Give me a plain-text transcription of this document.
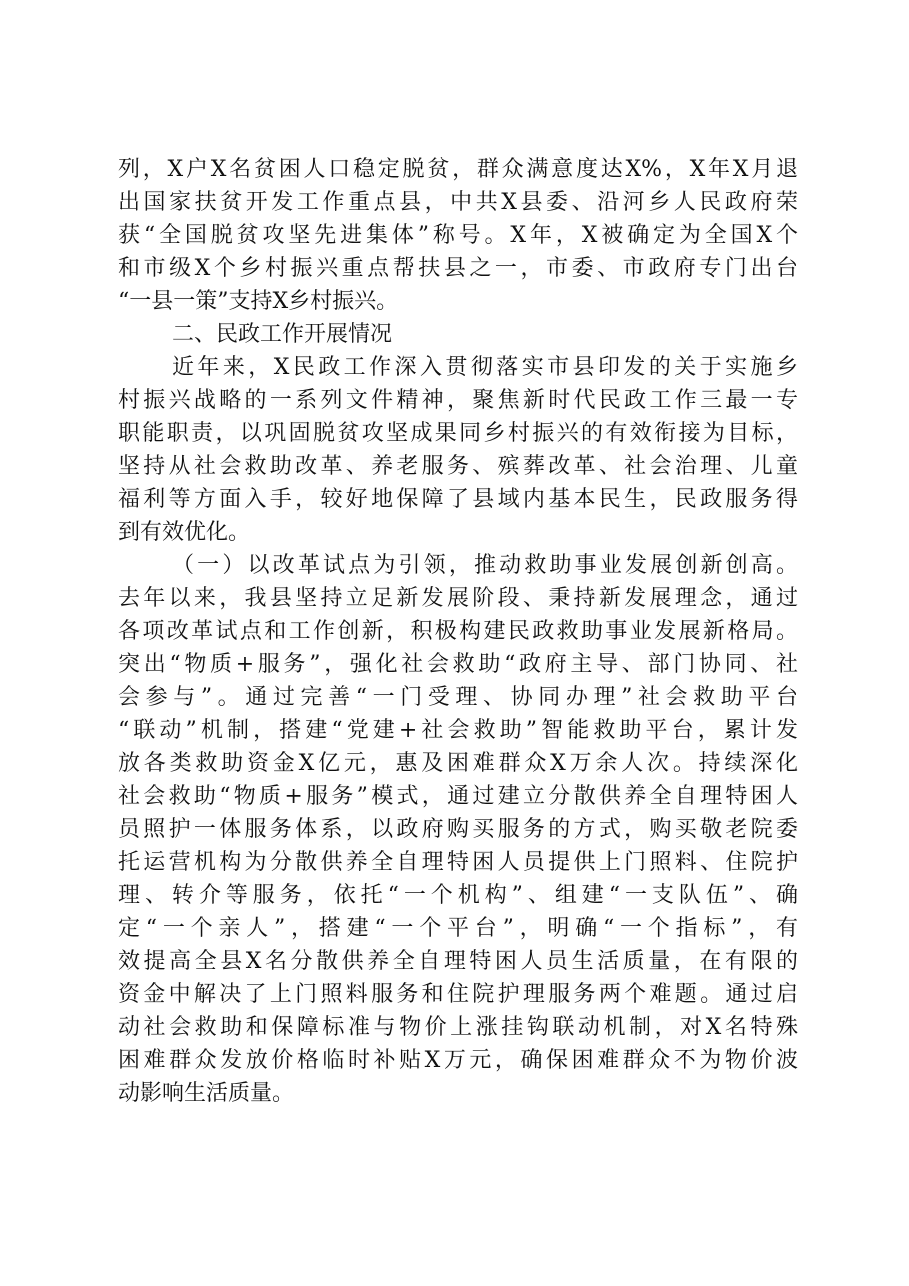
列，X户X名贫困人口稳定脱贫，群众满意度达X%，X年X月退

出国家扶贫开发工作重点县，中共X县委、沿河乡人民政府荣

获“全国脱贫攻坚先进集体”称号。X年，X被确定为全国X个

和市级X个乡村振兴重点帮扶县之一，市委、市政府专门出台

“一县一策”支持X乡村振兴。

二、民政工作开展情况

近年来，X民政工作深入贯彻落实市县印发的关于实施乡

村振兴战略的一系列文件精神，聚焦新时代民政工作三最一专

职能职责，以巩固脱贫攻坚成果同乡村振兴的有效衔接为目标，

坚持从社会救助改革、养老服务、殡葬改革、社会治理、儿童

福利等方面入手，较好地保障了县域内基本民生，民政服务得

到有效优化。

（一）以改革试点为引领，推动救助事业发展创新创高。

去年以来，我县坚持立足新发展阶段、秉持新发展理念，通过

各项改革试点和工作创新，积极构建民政救助事业发展新格局。

突出“物质+服务”，强化社会救助“政府主导、部门协同、社

会参与”。通过完善“一门受理、协同办理”社会救助平台

“联动”机制，搭建“党建+社会救助”智能救助平台，累计发

放各类救助资金X亿元，惠及困难群众X万余人次。持续深化

社会救助“物质+服务”模式，通过建立分散供养全自理特困人

员照护一体服务体系，以政府购买服务的方式，购买敬老院委

托运营机构为分散供养全自理特困人员提供上门照料、住院护

理、转介等服务，依托“一个机构”、组建“一支队伍”、确

定“一个亲人”，搭建“一个平台”，明确“一个指标”，有

效提高全县X名分散供养全自理特困人员生活质量，在有限的

资金中解决了上门照料服务和住院护理服务两个难题。通过启

动社会救助和保障标准与物价上涨挂钩联动机制，对X名特殊

困难群众发放价格临时补贴X万元，确保困难群众不为物价波

动影响生活质量。
